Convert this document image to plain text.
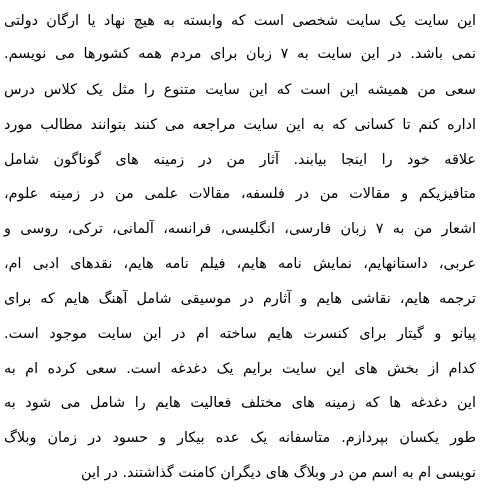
این سایت یک سایت شخصی است که وابسته به هیچ نهاد یا ارگان دولتی
نمی باشد. در این سایت به ۷ زبان برای مردم همه کشورها می نویسم.
سعی من همیشه این است که این سایت متنوع را مثل یک کلاس درس
اداره کنم تا کسانی که به این سایت مراجعه می کنند بتوانند مطالب مورد
علاقه خود را اینجا بیابند. آثار من در زمینه های گوناگون شامل
متافیزیکم و مقالات من در فلسفه، مقالات علمی من در زمینه علوم،
اشعار من به ۷ زبان فارسی، انگلیسی، فرانسه، آلمانی، ترکی، روسی و
عربی، داستانهایم، نمایش نامه هایم، فیلم نامه هایم، نقدهای ادبی ام،
ترجمه هایم، نقاشی هایم و آثارم در موسیقی شامل آهنگ هایم که برای
پیانو و گیتار برای کنسرت هایم ساخته ام در این سایت موجود است.
کدام از بخش های این سایت برایم یک دغدغه است. سعی کرده ام به
این دغدغه ها که زمینه های مختلف فعالیت هایم را شامل می شود به
طور یکسان بپردازم. متاسفانه یک عده بیکار و حسود در زمان وبلاگ
نویسی ام به اسم من در وبلاگ های دیگران کامنت گذاشتند. در این
